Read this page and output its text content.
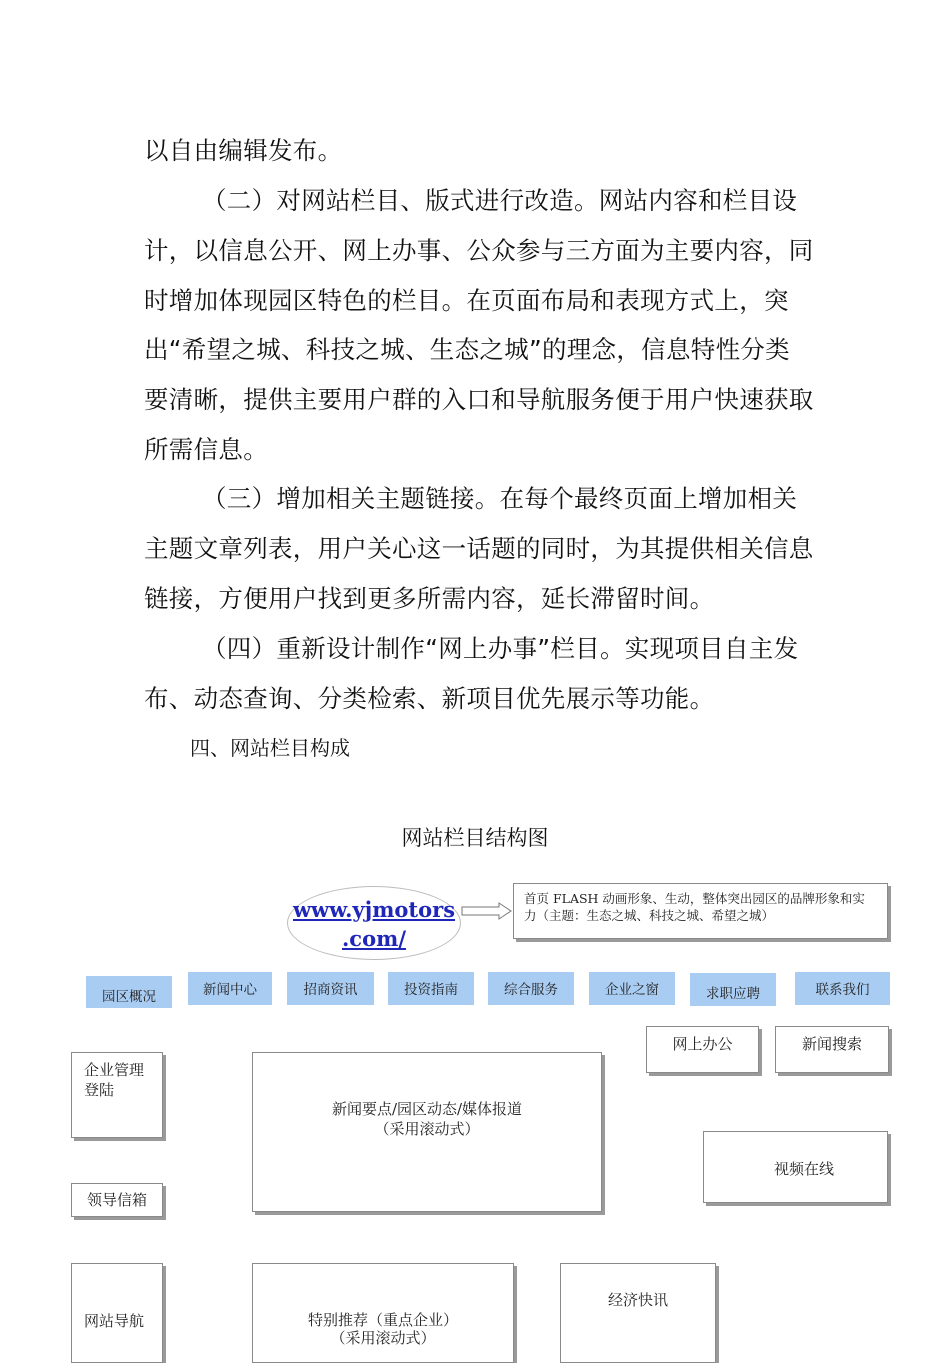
以自由编辑发布。

（二）对网站栏目、版式进行改造。网站内容和栏目设计，以信息公开、网上办事、公众参与三方面为主要内容，同时增加体现园区特色的栏目。在页面布局和表现方式上，突出“希望之城、科技之城、生态之城”的理念，信息特性分类要清晰，提供主要用户群的入口和导航服务便于用户快速获取所需信息。

（三）增加相关主题链接。在每个最终页面上增加相关主题文章列表，用户关心这一话题的同时，为其提供相关信息链接，方便用户找到更多所需内容，延长滞留时间。

（四）重新设计制作“网上办事”栏目。实现项目自主发布、动态查询、分类检索、新项目优先展示等功能。

四、网站栏目构成

网站栏目结构图

www.yjmotors
.com/
首页 FLASH 动画形象、生动，整体突出园区的品牌形象和实力（主题：生态之城、科技之城、希望之城）
园区概况	新闻中心	招商资讯	投资指南	综合服务	企业之窗	求职应聘	联系我们
网上办公	新闻搜索
企业管理
登陆
新闻要点/园区动态/媒体报道
（采用滚动式）
视频在线
领导信箱
网站导航	特别推荐（重点企业）
（采用滚动式）
经济快讯
